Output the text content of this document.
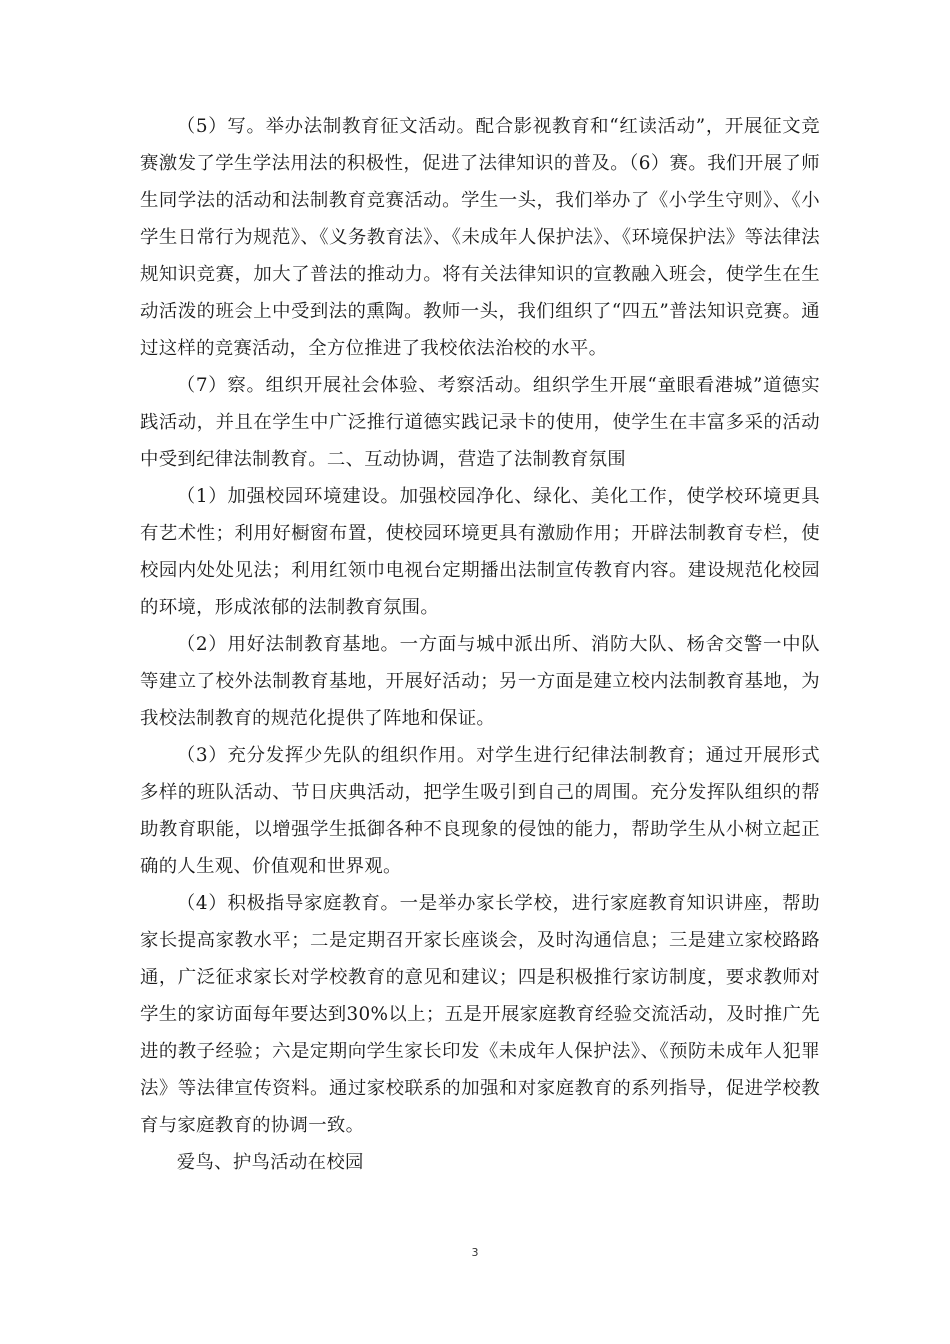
（5）写。举办法制教育征文活动。配合影视教育和“红读活动”，开展征文竞赛激发了学生学法用法的积极性，促进了法律知识的普及。（6）赛。我们开展了师生同学法的活动和法制教育竞赛活动。学生一头，我们举办了《小学生守则》、《小学生日常行为规范》、《义务教育法》、《未成年人保护法》、《环境保护法》等法律法规知识竞赛，加大了普法的推动力。将有关法律知识的宣教融入班会，使学生在生动活泼的班会上中受到法的熏陶。教师一头，我们组织了“四五”普法知识竞赛。通过这样的竞赛活动，全方位推进了我校依法治校的水平。

（7）察。组织开展社会体验、考察活动。组织学生开展“童眼看港城”道德实践活动，并且在学生中广泛推行道德实践记录卡的使用，使学生在丰富多采的活动中受到纪律法制教育。二、互动协调，营造了法制教育氛围

（1）加强校园环境建设。加强校园净化、绿化、美化工作，使学校环境更具有艺术性；利用好橱窗布置，使校园环境更具有激励作用；开辟法制教育专栏，使校园内处处见法；利用红领巾电视台定期播出法制宣传教育内容。建设规范化校园的环境，形成浓郁的法制教育氛围。

（2）用好法制教育基地。一方面与城中派出所、消防大队、杨舍交警一中队等建立了校外法制教育基地，开展好活动；另一方面是建立校内法制教育基地，为我校法制教育的规范化提供了阵地和保证。

（3）充分发挥少先队的组织作用。对学生进行纪律法制教育；通过开展形式多样的班队活动、节日庆典活动，把学生吸引到自己的周围。充分发挥队组织的帮助教育职能，以增强学生抵御各种不良现象的侵蚀的能力，帮助学生从小树立起正确的人生观、价值观和世界观。

（4）积极指导家庭教育。一是举办家长学校，进行家庭教育知识讲座，帮助家长提高家教水平；二是定期召开家长座谈会，及时沟通信息；三是建立家校路路通，广泛征求家长对学校教育的意见和建议；四是积极推行家访制度，要求教师对学生的家访面每年要达到30%以上；五是开展家庭教育经验交流活动，及时推广先进的教子经验；六是定期向学生家长印发《未成年人保护法》、《预防未成年人犯罪法》等法律宣传资料。通过家校联系的加强和对家庭教育的系列指导，促进学校教育与家庭教育的协调一致。

爱鸟、护鸟活动在校园

3
